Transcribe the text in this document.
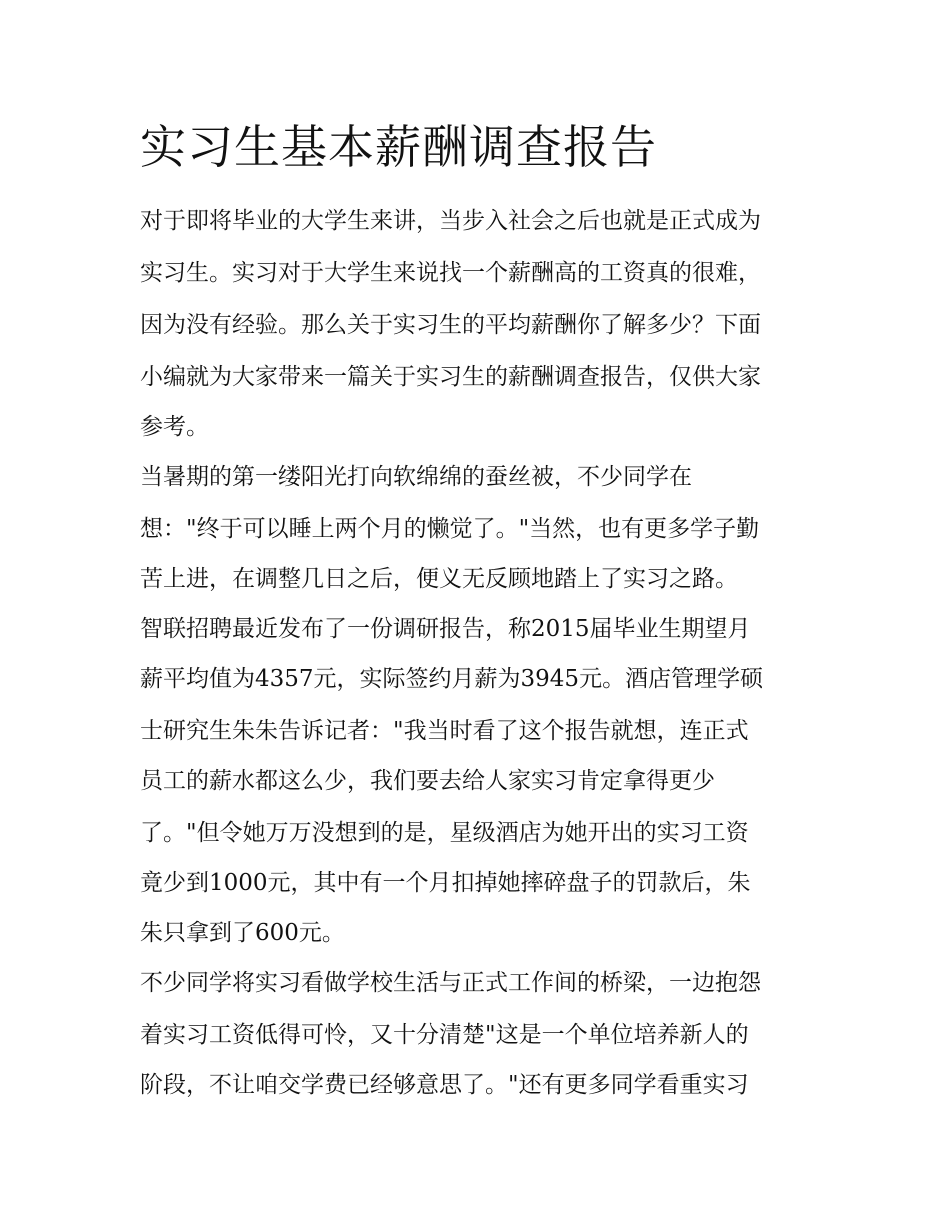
实习生基本薪酬调查报告

对于即将毕业的大学生来讲，当步入社会之后也就是正式成为

实习生。实习对于大学生来说找一个薪酬高的工资真的很难，

因为没有经验。那么关于实习生的平均薪酬你了解多少？下面

小编就为大家带来一篇关于实习生的薪酬调查报告，仅供大家

参考。

当暑期的第一缕阳光打向软绵绵的蚕丝被，不少同学在

想："终于可以睡上两个月的懒觉了。"当然，也有更多学子勤

苦上进，在调整几日之后，便义无反顾地踏上了实习之路。

智联招聘最近发布了一份调研报告，称2015届毕业生期望月

薪平均值为4357元，实际签约月薪为3945元。酒店管理学硕

士研究生朱朱告诉记者："我当时看了这个报告就想，连正式

员工的薪水都这么少，我们要去给人家实习肯定拿得更少

了。"但令她万万没想到的是，星级酒店为她开出的实习工资

竟少到1000元，其中有一个月扣掉她摔碎盘子的罚款后，朱

朱只拿到了600元。

不少同学将实习看做学校生活与正式工作间的桥梁，一边抱怨

着实习工资低得可怜，又十分清楚"这是一个单位培养新人的

阶段，不让咱交学费已经够意思了。"还有更多同学看重实习
